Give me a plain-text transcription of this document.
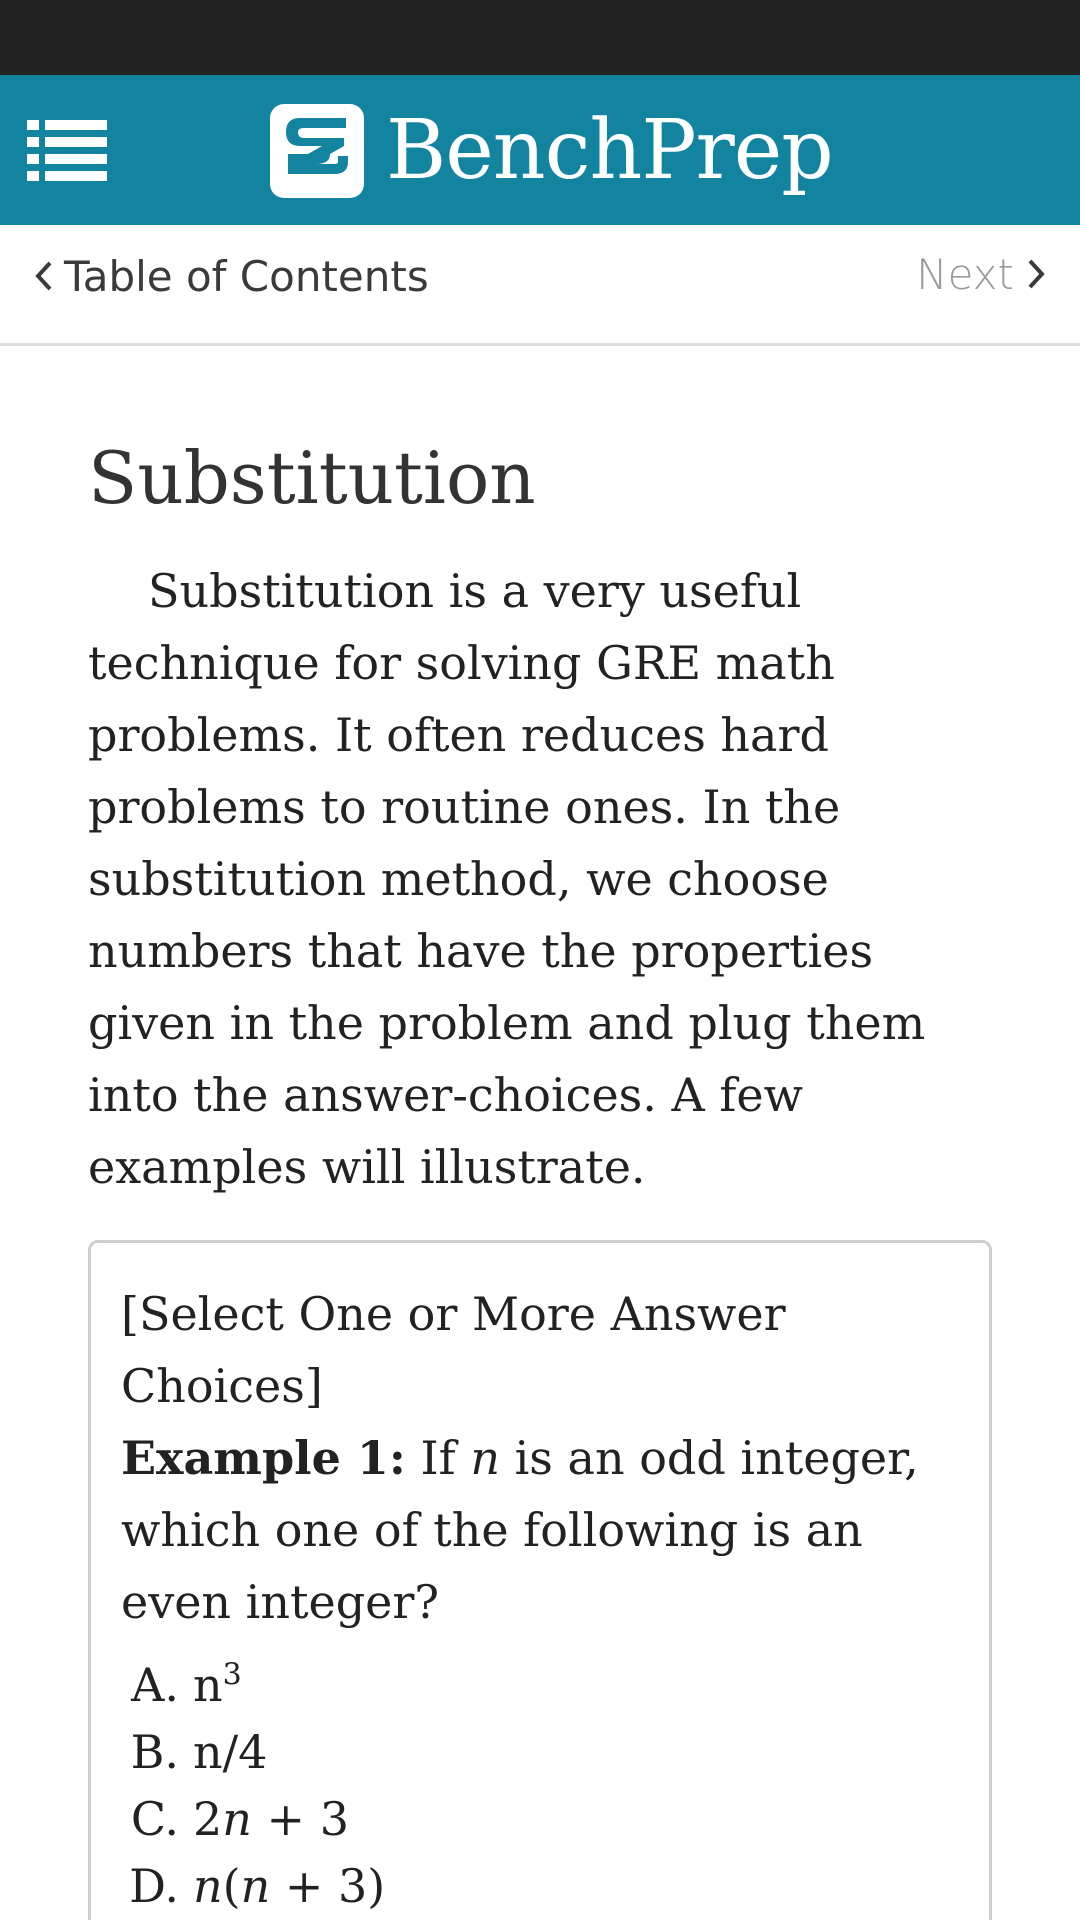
BenchPrep
Table of Contents	Next
Substitution

Substitution is a very useful technique for solving GRE math problems. It often reduces hard problems to routine ones. In the substitution method, we choose numbers that have the properties given in the problem and plug them into the answer-choices. A few examples will illustrate.

[Select One or More Answer Choices]
Example 1: If n is an odd integer, which one of the following is an even integer?
A. $n^3$
B. n/4
C. 2n + 3
D. n(n + 3)
